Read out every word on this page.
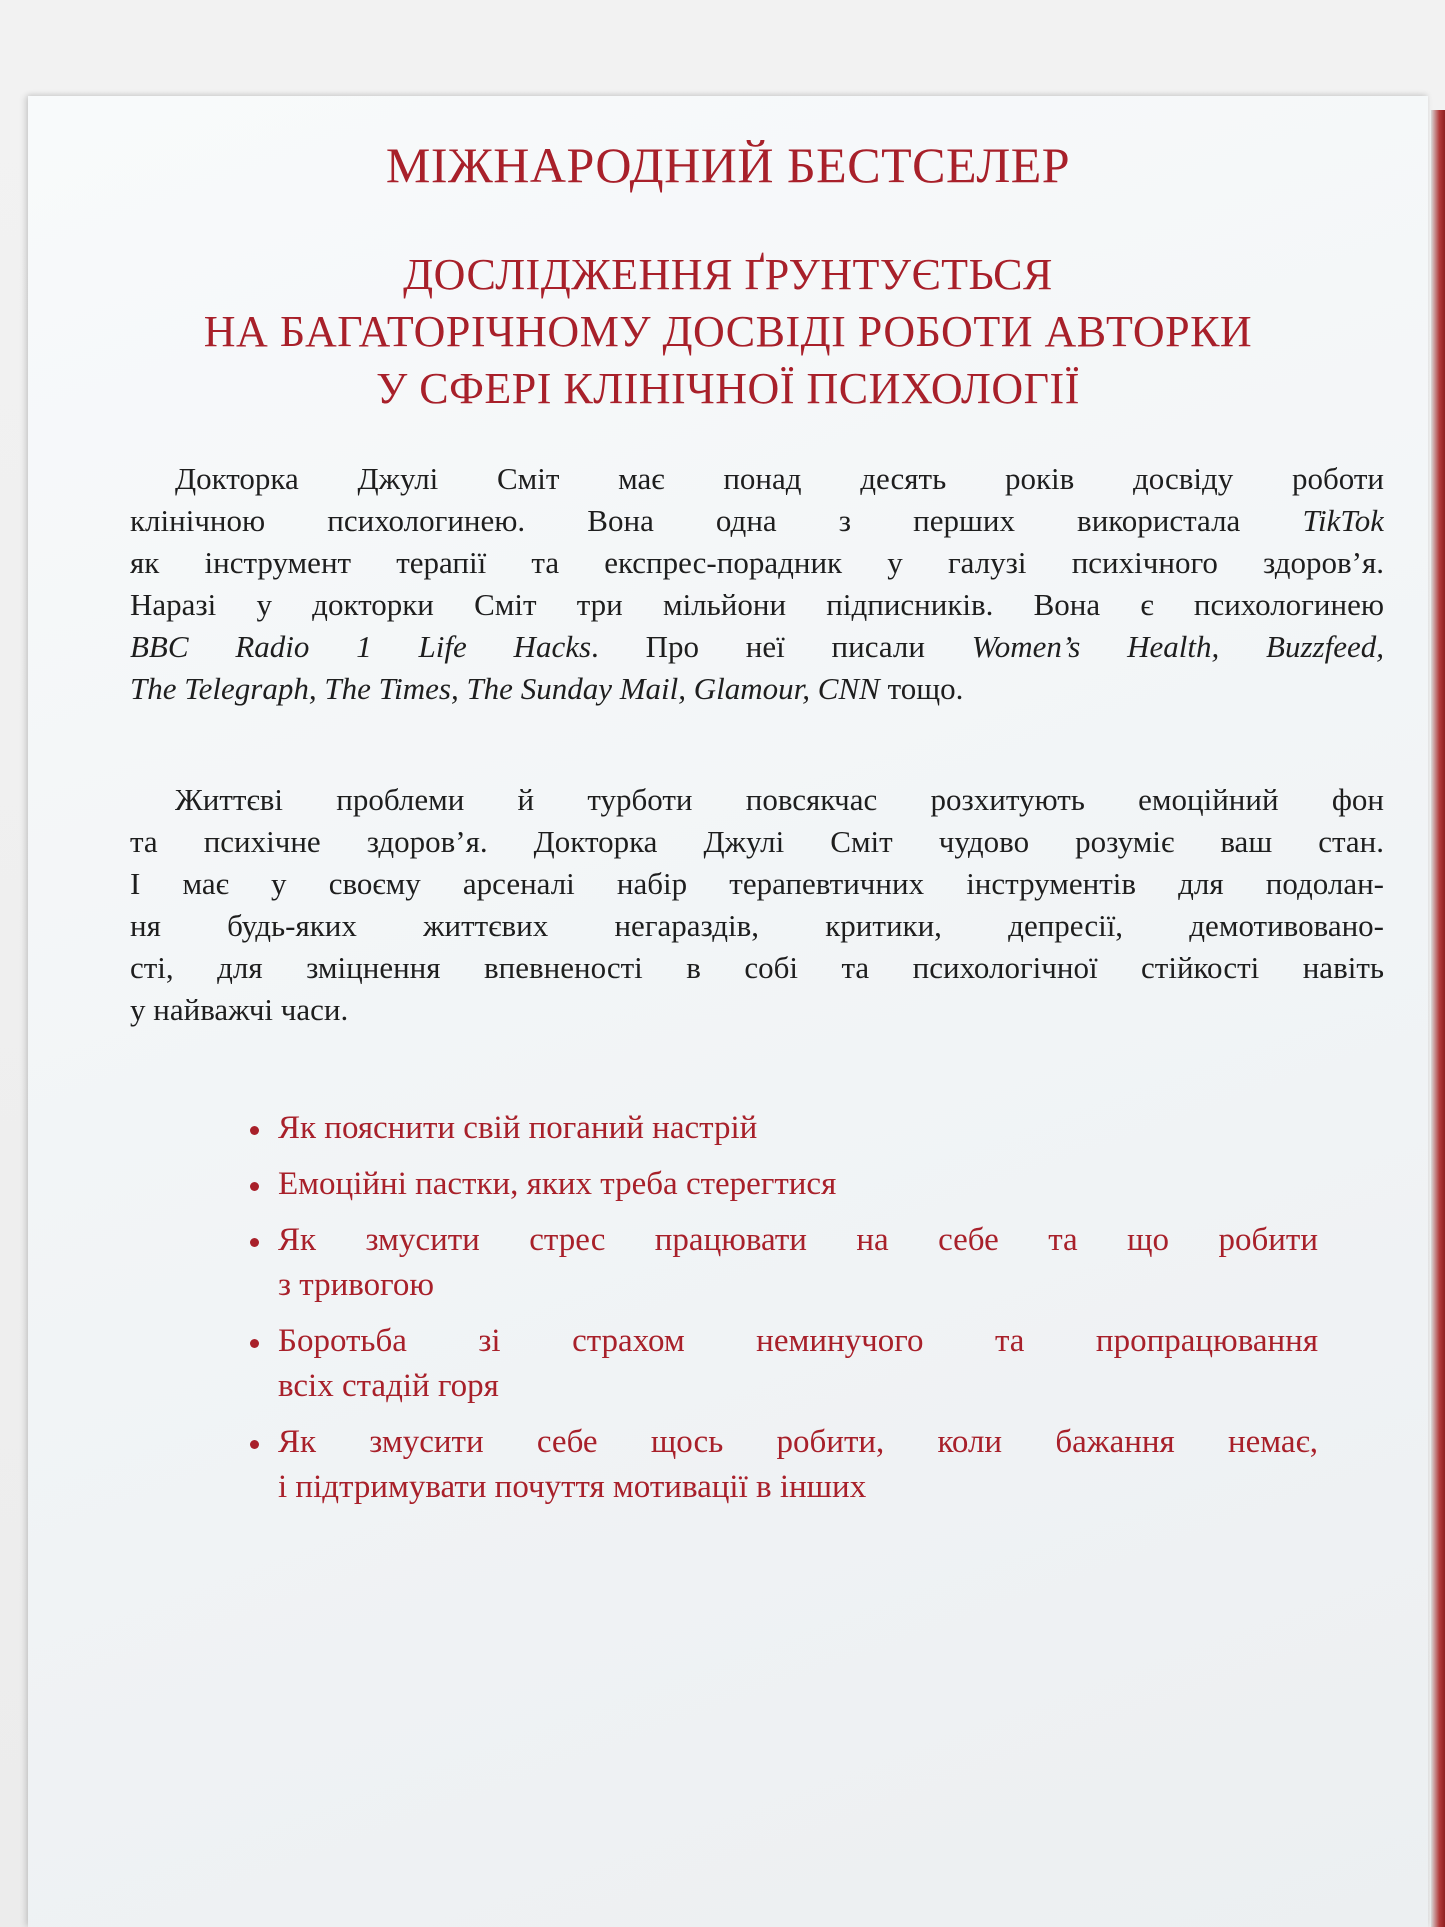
МІЖНАРОДНИЙ БЕСТСЕЛЕР
ДОСЛІДЖЕННЯ ҐРУНТУЄТЬСЯ
НА БАГАТОРІЧНОМУ ДОСВІДІ РОБОТИ АВТОРКИ
У СФЕРІ КЛІНІЧНОЇ ПСИХОЛОГІЇ
Докторка Джулі Сміт має понад десять років досвіду роботи
клінічною психологинею. Вона одна з перших використала TikTok
як інструмент терапії та експрес-порадник у галузі психічного здоров’я.
Наразі у докторки Сміт три мільйони підписників. Вона є психологинею
BBC Radio 1 Life Hacks. Про неї писали Women’s Health, Buzzfeed,
The Telegraph, The Times, The Sunday Mail, Glamour, CNN тощо.
Життєві проблеми й турботи повсякчас розхитують емоційний фон
та психічне здоров’я. Докторка Джулі Сміт чудово розуміє ваш стан.
І має у своєму арсеналі набір терапевтичних інструментів для подолан-
ня будь-яких життєвих негараздів, критики, депресії, демотивовано-
сті, для зміцнення впевненості в собі та психологічної стійкості навіть
у найважчі часи.
Як пояснити свій поганий настрій
Емоційні пастки, яких треба стерегтися
Як змусити стрес працювати на себе та що робити
з тривогою
Боротьба зі страхом неминучого та пропрацювання
всіх стадій горя
Як змусити себе щось робити, коли бажання немає,
і підтримувати почуття мотивації в інших
